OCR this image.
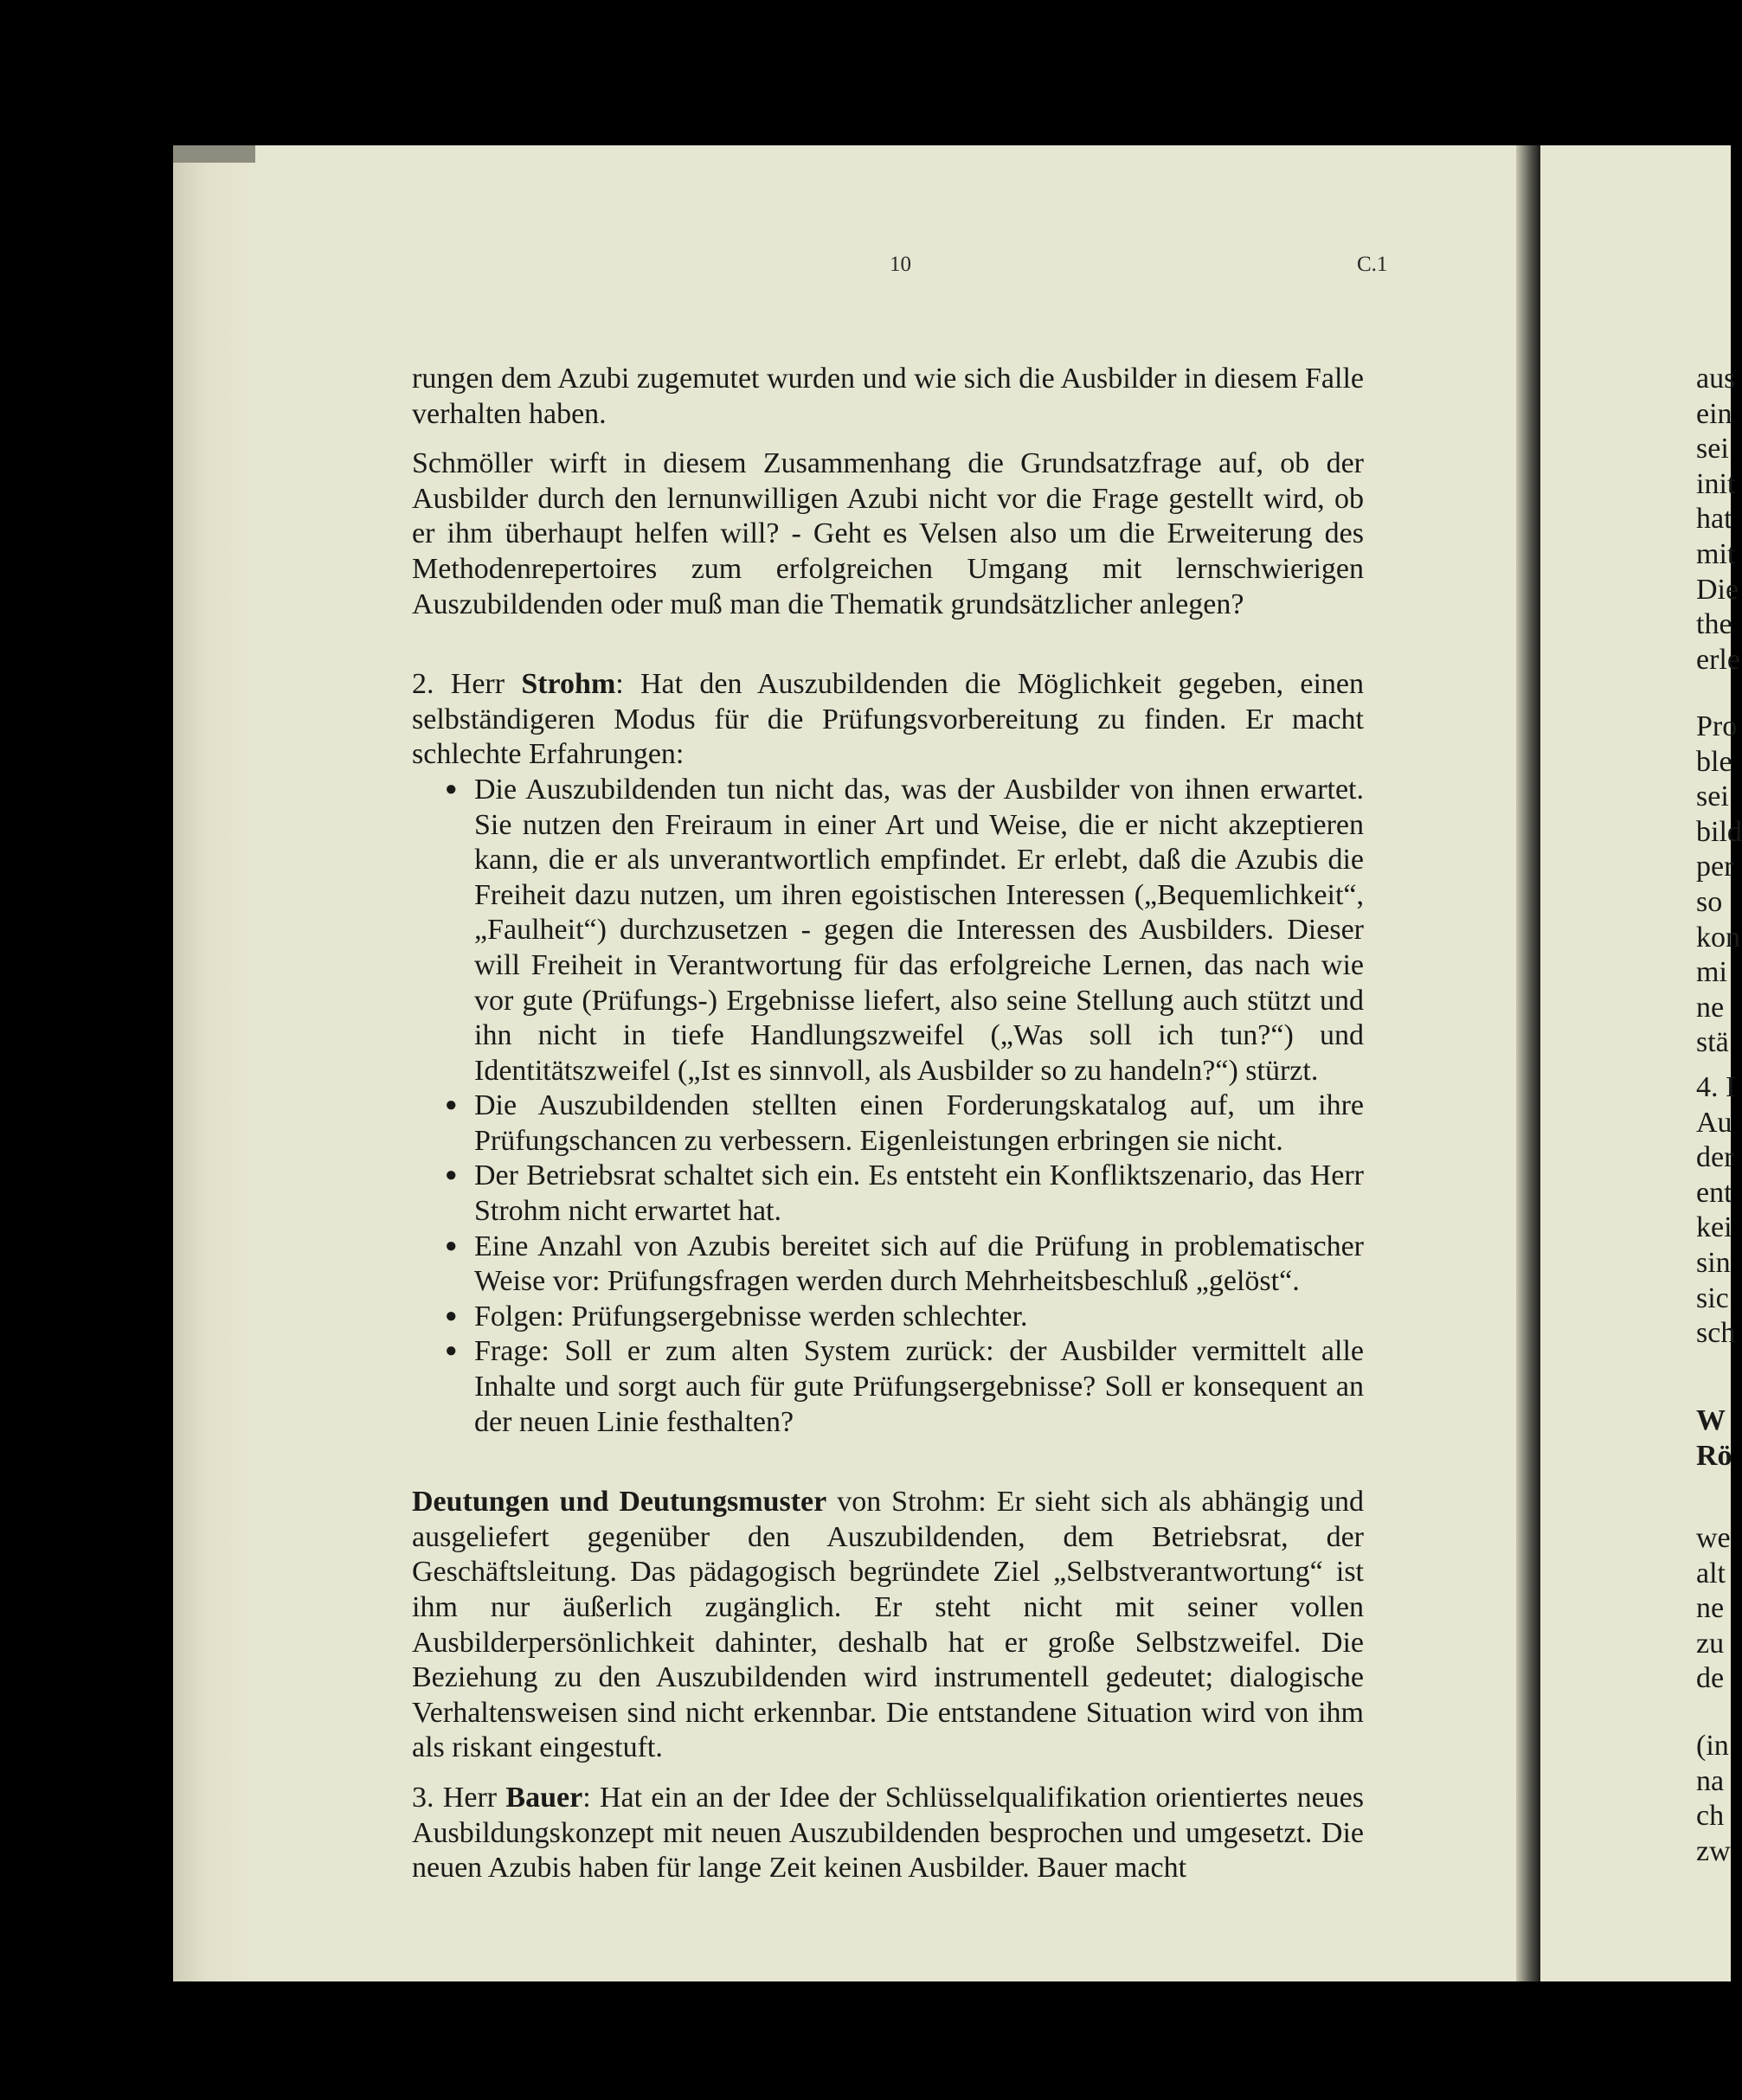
10	C.1

rungen dem Azubi zugemutet wurden und wie sich die Ausbilder in diesem Falle verhalten haben.

Schmöller wirft in diesem Zusammenhang die Grundsatzfrage auf, ob der Ausbilder durch den lernunwilligen Azubi nicht vor die Frage gestellt wird, ob er ihm überhaupt helfen will? - Geht es Velsen also um die Erweiterung des Methodenrepertoires zum erfolgreichen Umgang mit lernschwierigen Auszubildenden oder muß man die Thematik grundsätzlicher anlegen?

2. Herr Strohm: Hat den Auszubildenden die Möglichkeit gegeben, einen selbständigeren Modus für die Prüfungsvorbereitung zu finden. Er macht schlechte Erfahrungen:

● Die Auszubildenden tun nicht das, was der Ausbilder von ihnen erwartet. Sie nutzen den Freiraum in einer Art und Weise, die er nicht akzeptieren kann, die er als unverantwortlich empfindet. Er erlebt, daß die Azubis die Freiheit dazu nutzen, um ihren egoistischen Interessen („Bequemlichkeit“, „Faulheit“) durchzusetzen - gegen die Interessen des Ausbilders. Dieser will Freiheit in Verantwortung für das erfolgreiche Lernen, das nach wie vor gute (Prüfungs-) Ergebnisse liefert, also seine Stellung auch stützt und ihn nicht in tiefe Handlungszweifel („Was soll ich tun?“) und Identitätszweifel („Ist es sinnvoll, als Ausbilder so zu handeln?“) stürzt.
● Die Auszubildenden stellten einen Forderungskatalog auf, um ihre Prüfungschancen zu verbessern. Eigenleistungen erbringen sie nicht.
● Der Betriebsrat schaltet sich ein. Es entsteht ein Konfliktszenario, das Herr Strohm nicht erwartet hat.
● Eine Anzahl von Azubis bereitet sich auf die Prüfung in problematischer Weise vor: Prüfungsfragen werden durch Mehrheitsbeschluß „gelöst“.
● Folgen: Prüfungsergebnisse werden schlechter.
● Frage: Soll er zum alten System zurück: der Ausbilder vermittelt alle Inhalte und sorgt auch für gute Prüfungsergebnisse? Soll er konsequent an der neuen Linie festhalten?

Deutungen und Deutungsmuster von Strohm: Er sieht sich als abhängig und ausgeliefert gegenüber den Auszubildenden, dem Betriebsrat, der Geschäftsleitung. Das pädagogisch begründete Ziel „Selbstverantwortung“ ist ihm nur äußerlich zugänglich. Er steht nicht mit seiner vollen Ausbilderpersönlichkeit dahinter, deshalb hat er große Selbstzweifel. Die Beziehung zu den Auszubildenden wird instrumentell gedeutet; dialogische Verhaltensweisen sind nicht erkennbar. Die entstandene Situation wird von ihm als riskant eingestuft.

3. Herr Bauer: Hat ein an der Idee der Schlüsselqualifikation orientiertes neues Ausbildungskonzept mit neuen Auszubildenden besprochen und umgesetzt. Die neuen Azubis haben für lange Zeit keinen Ausbilder. Bauer macht

aus
ein
sei
init
hat
mit
Die
the
erle
Pro
ble
sei
bild
per
so
kon
mi
ne
stä
4. I
Au
der
ent
kei
sin
sic
sch
W
Rö
we
alt
ne
zu
de
(in
na
ch
zw
